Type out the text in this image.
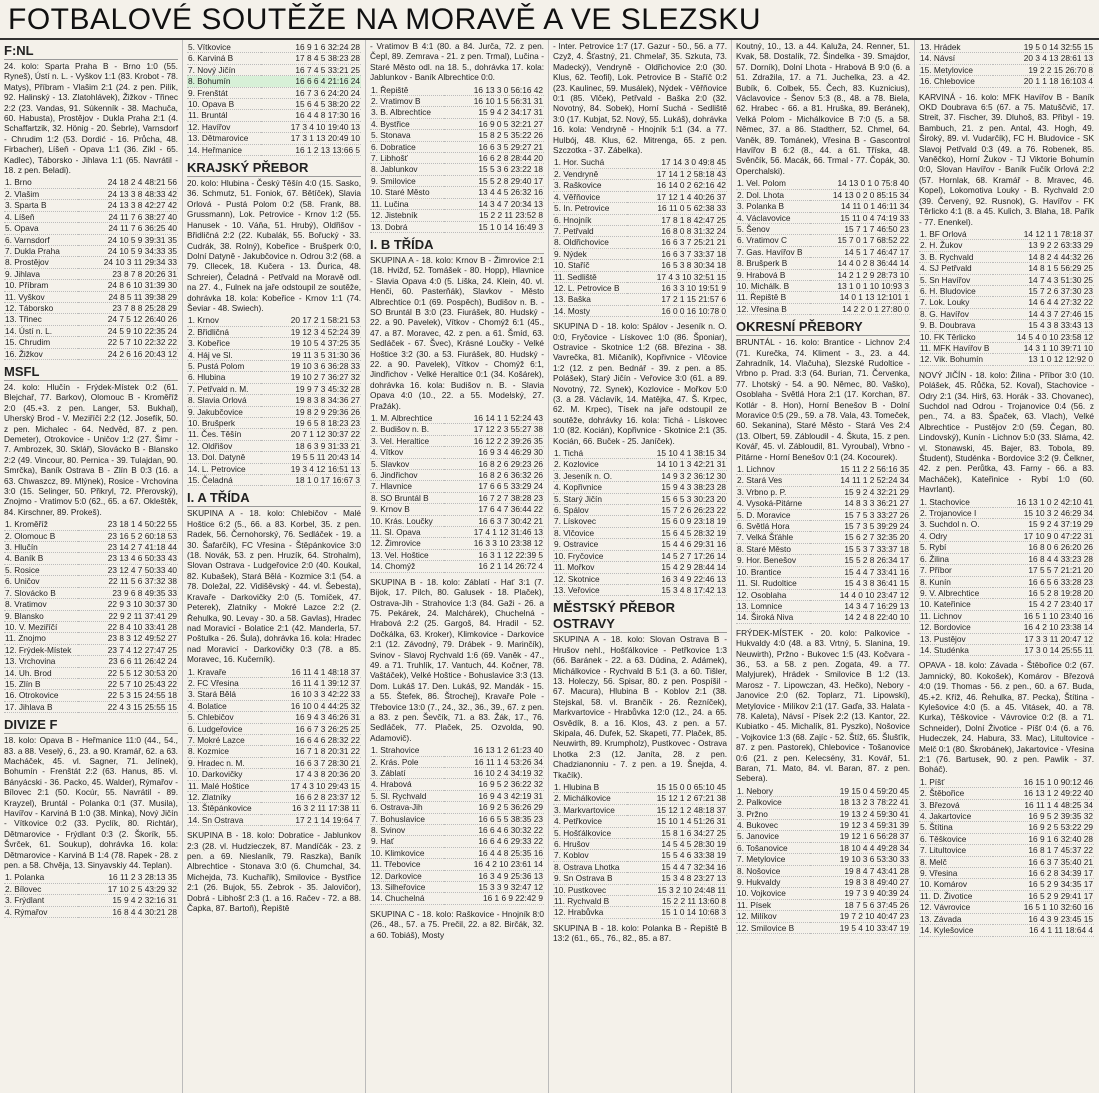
FOTBALOVÉ SOUTĚŽE NA MORAVĚ A VE SLEZSKU
F:NL
24. kolo: Sparta Praha B - Brno 1:0 (55. Ryneš), Ústí n. L. - Vyškov 1:1 (83. Krobot - 78. Matys), Příbram - Vlašim 2:1 (24. z pen. Pilík, 92. Halinský - 13. Zlatohlávek), Žižkov - Třinec 2:2 (23. Vandas, 91. Súkenník - 38. Machuča, 60. Habusta), Prostějov - Dukla Praha 2:1 (4. Schaffartzik, 32. Hönig - 20. Šebrle), Varnsdorf - Chrudim 1:2 (53. Dordić - 16. Průcha, 48. Firbacher), Líšeň - Opava 1:1 (36. Zikl - 65. Kadlec), Táborsko - Jihlava 1:1 (65. Navrátil - 18. z pen. Beladi).
1. Brno	24 18 2 4 48:21 56
2. Vlašim	24 13 3 8 48:33 42
3. Sparta B	24 13 3 8 42:27 42
4. Líšeň	24 11 7 6 38:27 40
5. Opava	24 11 7 6 36:25 40
6. Varnsdorf	24 10 5 9 39:31 35
7. Dukla Praha	24 10 5 9 34:33 35
8. Prostějov	24 10 3 11 29:34 33
9. Jihlava	23 8 7 8 20:26 31
10. Příbram	24 8 6 10 31:39 30
11. Vyškov	24 8 5 11 39:38 29
12. Táborsko	23 7 8 8 25:28 29
13. Třinec	24 7 5 12 26:40 26
14. Ústí n. L.	24 5 9 10 22:35 24
15. Chrudim	22 5 7 10 22:32 22
16. Žižkov	24 2 6 16 20:43 12
MSFL
24. kolo: Hlučín - Frýdek-Místek 0:2 (61. Blejchař, 77. Barkov), Olomouc B - Kroměříž 2:0 (45.+3. z pen. Langer, 53. Bukhal), Uherský Brod - V. Meziříčí 2:2 (12. Josefík, 50. z pen. Michalec - 64. Nedvěd, 87. z pen. Demeter), Otrokovice - Uničov 1:2 (27. Šimr - 7. Ambrozek, 30. Sklář), Slovácko B - Blansko 2:2 (49. Vincour, 80. Pernica - 39. Tulajdan, 90. Smrčka), Baník Ostrava B - Zlín B 0:3 (16. a 63. Chwaszcz, 89. Mlýnek), Rosice - Vrchovina 3:0 (15. Selinger, 50. Přikryl, 72. Přerovský), Znojmo - Vratimov 5:0 (62., 65. a 67. Okleštěk, 84. Kirschner, 89. Prokeš).
1. Kroměříž	23 18 1 4 50:22 55
2. Olomouc B	23 16 5 2 60:18 53
3. Hlučín	23 14 2 7 41:18 44
4. Baník B	23 13 4 6 50:33 43
5. Rosice	23 12 4 7 50:33 40
6. Uničov	22 11 5 6 37:32 38
7. Slovácko B	23 9 6 8 49:35 33
8. Vratimov	22 9 3 10 30:37 30
9. Blansko	22 9 2 11 37:41 29
10. V. Meziříčí	22 8 4 10 33:41 28
11. Znojmo	23 8 3 12 49:52 27
12. Frýdek-Místek	23 7 4 12 27:47 25
13. Vrchovina	23 6 6 11 26:42 24
14. Uh. Brod	22 5 5 12 30:53 20
15. Zlín B	22 5 7 10 25:43 22
16. Otrokovice	22 5 3 15 24:55 18
17. Jihlava B	22 4 3 15 25:55 15
DIVIZE F
18. kolo: Opava B - Heřmanice 11:0 (44., 54., 83. a 88. Veselý, 6., 23. a 90. Kramář, 62. a 63. Macháček, 45. vl. Sagner, 71. Jelínek), Bohumín - Frenštát 2:2 (63. Hanus, 85. vl. Bányácski - 36. Packo, 45. Walder), Rýmařov - Bílovec 2:1 (50. Kocúr, 55. Navrátil - 89. Krayzel), Bruntál - Polanka 0:1 (37. Musila), Havířov - Karviná B 1:0 (38. Minka), Nový Jičín - Vítkovice 0:2 (33. Pyclík, 80. Richtár), Dětmarovice - Frýdlant 0:3 (2. Škorík, 55. Švrček, 61. Soukup), dohrávka 16. kola: Dětmarovice - Karviná B 1:4 (78. Rapek - 28. z pen. a 58. Chvěja, 13. Sinyavskiy 44. Teplan).
1. Polanka	16 11 2 3 28:13 35
2. Bílovec	17 10 2 5 43:29 32
3. Frýdlant	15 9 4 2 32:16 31
4. Rýmařov	16 8 4 4 30:21 28
5. Vítkovice	16 9 1 6 32:24 28
6. Karviná B	17 8 4 5 38:23 28
7. Nový Jičín	16 7 4 5 33:21 25
8. Bohumín	16 6 6 4 21:16 24
9. Frenštát	16 7 3 6 24:20 24
10. Opava B	15 6 4 5 38:20 22
11. Bruntál	16 4 4 8 17:30 16
12. Havířov	17 3 4 10 19:40 13
13. Dětmarovice	17 3 1 13 20:49 10
14. Heřmanice	16 1 2 13 13:66 5
KRAJSKÝ PŘEBOR
20. kolo: Hlubina - Český Těšín 4:0 (15. Sasko, 36. Schmutz, 51. Foniok, 67. Bětíček), Slavia Orlová - Pustá Polom 0:2 (58. Frank, 88. Grussmann), Lok. Petrovice - Krnov 1:2 (55. Hanusek - 10. Váňa, 51. Hrubý), Oldřišov - Břidličná 2:2 (22. Kubalák, 55. Bořucký - 33. Cudrák, 38. Rolný), Kobeřice - Brušperk 0:0, Dolní Datyně - Jakubčovice n. Odrou 3:2 (68. a 79. Cllecek, 18. Kučera - 13. Ďurica, 48. Schreier), Čeladná - Petřvald na Moravě odl. na 27. 4., Fulnek na jaře odstoupil ze soutěže, dohrávka 18. kola: Kobeřice - Krnov 1:1 (74. Ševiar - 48. Swiech).
1. Krnov	20 17 2 1 58:21 53
2. Břidličná	19 12 3 4 52:24 39
3. Kobeřice	19 10 5 4 37:25 35
4. Háj ve Sl.	19 11 3 5 31:30 36
5. Pustá Polom	19 10 3 6 36:28 33
6. Hlubina	19 10 2 7 36:27 32
7. Petřvald n. M.	19 9 7 3 45:32 28
8. Slavia Orlová	19 8 3 8 34:36 27
9. Jakubčovice	19 8 2 9 29:36 26
10. Brušperk	19 6 5 8 18:23 23
11. Čes. Těšín	20 7 1 12 30:37 22
12. Oldřišov	18 6 3 9 31:33 21
13. Dol. Datyně	19 5 5 11 20:43 14
14. L. Petrovice	19 3 4 12 16:51 13
15. Čeladná	18 1 0 17 16:67 3
I. A TŘÍDA
SKUPINA A - 18. kolo: Chlebičov - Malé Hoštice 6:2 (5., 66. a 83. Korbel, 35. z pen. Radek, 56. Černohorský, 76. Sedláček - 19. a 30. Šafarčík), FC Vřesina - Štěpánkovice 3:0 (18. Novák, 53. z pen. Hruzík, 64. Strohalm), Slovan Ostrava - Ludgeřovice 2:0 (40. Koukal, 82. Kubašek), Stará Bělá - Kozmice 3:1 (54. a 78. Doležal, 22. Vidišěvský - 44. vl. Šebesta), Kravaře - Darkovičky 2:0 (5. Tomíček, 47. Peterek), Zlatníky - Mokré Lazce 2:2 (2. Řehulka, 90. Levay - 30. a 58. Gavlas), Hradec nad Moravicí - Bolatice 2:1 (42. Manderla, 57. Poštulka - 26. Šula), dohrávka 16. kola: Hradec nad Moravicí - Darkovičky 0:3 (78. a 85. Moravec, 16. Kučerník).
1. Kravaře	16 11 4 1 48:18 37
2. FC Vřesina	16 11 4 1 39:12 37
3. Stará Bělá	16 10 3 3 42:22 33
4. Bolatice	16 10 0 4 44:25 32
5. Chlebičov	16 9 4 3 46:26 31
6. Ludgeřovice	16 6 7 3 26:25 25
7. Mokré Lazce	16 6 4 6 28:32 22
8. Kozmice	16 7 1 8 20:31 22
9. Hradec n. M.	16 6 3 7 28:30 21
10. Darkovičky	17 4 3 8 20:36 20
11. Malé Hoštice	17 4 3 10 29:43 15
12. Zlatníky	16 6 2 8 23:37 12
13. Štěpánkovice	16 3 2 11 17:38 11
14. Sn Ostrava	17 2 1 14 19:64 7
SKUPINA B - 18. kolo: Dobratice - Jablunkov 2:3 (28. vl. Hudzieczek, 87. Mandíčák - 23. z pen. a 69. Nieslaník, 79. Raszka), Baník Albrechtice - Stonava 3:0 (6. Chumchal, 34. Michejda, 73. Kuchařík), Smilovice - Bystřice 2:1 (26. Bujok, 55. Żebrok - 35. Jalovičor), Dobrá - Libhošť 2:3 (1. a 16. Račev - 72. a 88. Čapka, 87. Bartoň), Řepiště
- Vratimov B 4:1 (80. a 84. Jurča, 72. z pen. Čepl, 89. Zemrava - 21. z pen. Trmal), Lučina - Staré Město odl. na 18. 5., dohrávka 17. kola: Jablunkov - Baník Albrechtice 0:0.
1. Řepiště	16 13 3 0 56:16 42
2. Vratimov B	16 10 1 5 56:31 31
3. B. Albrechtice	15 9 4 2 34:17 31
4. Bystřice	16 9 0 5 32:21 27
5. Stonava	15 8 2 5 35:22 26
6. Dobratice	16 6 3 5 29:27 21
7. Libhošť	16 6 2 8 28:44 20
8. Jablunkov	15 5 3 6 23:22 18
9. Smilovice	15 5 2 8 29:40 17
10. Staré Město	13 4 4 5 26:32 16
11. Lučina	14 3 4 7 20:34 13
12. Jistebník	15 2 2 11 23:52 8
13. Dobrá	15 1 0 14 16:49 3
I. B TŘÍDA
SKUPINA A - 18. kolo: Krnov B - Žimrovice 2:1 (18. Hvižď, 52. Tomášek - 80. Hopp), Hlavnice - Slavia Opava 4:0 (5. Liška, 24. Klein, 40. vl. Henči, 60. Pasterňák), Slavkov - Město Albrechtice 0:1 (69. Pospěch), Budišov n. B. - SO Bruntál B 3:0 (23. Fiurášek, 80. Hudský - 22. a 90. Pavelek), Vítkov - Chomýž 6:1 (45., 47. a 87. Moravec, 42. z pen. a 61. Šmíd, 63. Sedláček - 67. Švec), Krásné Loučky - Velké Hoštice 3:2 (30. a 53. Fiurášek, 80. Hudský - 22. a 90. Pavelek), Vítkov - Chomýž 6:1, Jindřichov - Velké Heraltice 0:1 (34. Košárek), dohrávka 16. kola: Budišov n. B. - Slavia Opava 4:0 (10., 22. a 55. Modelský, 27. Pražák).
1. M. Albrechtice	16 14 1 1 52:24 43
2. Budišov n. B.	17 12 2 3 55:27 38
3. Vel. Heraltice	16 12 2 2 39:26 35
4. Vítkov	16 9 3 4 46:29 30
5. Slavkov	16 8 2 6 29:23 26
6. Jindřichov	16 8 2 6 36:32 26
7. Hlavnice	17 6 6 5 33:29 24
8. SO Bruntál B	16 7 2 7 38:28 23
9. Krnov B	17 6 4 7 36:44 22
10. Krás. Loučky	16 6 3 7 30:42 21
11. Sl. Opava	17 4 1 12 31:46 13
12. Žimrovice	16 3 3 10 23:38 12
13. Vel. Hoštice	16 3 1 12 22:39 5
14. Chomýž	16 2 1 14 26:72 4
SKUPINA B - 18. kolo: Záblatí - Hať 3:1 (7. Bijok, 17. Pilch, 80. Galusek - 18. Plaček), Ostrava-Jih - Strahovice 1:3 (84. Gaži - 26. a 75. Pekárek, 24. Malchárek), Chuchelná - Hrabová 2:2 (25. Gargoš, 84. Hradil - 52. Dočkálka, 63. Kroker), Klimkovice - Darkovice 2:1 (12. Závodný, 79. Drábek - 9. Marinčík), Svinov - Slavoj Rychvald 1:6 (69. Vaněk - 47., 49. a 71. Truhlík, 17. Vantuch, 44. Kočner, 78. Vaštáček), Velké Hoštice - Bohuslavice 3:3 (13. Dom. Lukáš 17. Den. Lukáš, 92. Mandák - 15. a 55. Štefek, 86. Štrochej), Kravaře Pole - Třebovice 13:0 (7., 24., 32., 36., 39., 67. z pen. a 83. z pen. Ševčík, 71. a 83. Žák, 17., 76. Sedláček, 77. Plaček, 25. Ozvolda, 90. Adamovič).
1. Strahovice	16 13 1 2 61:23 40
2. Krás. Pole	16 11 1 4 53:26 34
3. Záblatí	16 10 2 4 34:19 32
4. Hrabová	16 9 5 2 36:22 32
5. Sl. Rychvald	16 9 4 3 42:19 31
6. Ostrava-Jih	16 9 2 5 36:26 29
7. Bohuslavice	16 6 5 5 38:35 23
8. Svinov	16 6 4 6 30:32 22
9. Hať	16 6 4 6 29:33 22
10. Klimkovice	16 4 4 8 25:35 16
11. Třebovice	16 4 2 10 23:61 14
12. Darkovice	16 3 4 9 25:36 13
13. Silheřovice	15 3 3 9 32:47 12
14. Chuchelná	16 1 6 9 22:42 9
SKUPINA C - 18. kolo: Raškovice - Hnojník 8:0 (26., 48., 57. a 75. Prečil, 22. a 82. Birčák, 32. a 60. Tobiáš), Mosty
- Inter. Petrovice 1:7 (17. Gazur - 50., 56. a 77. Czyž, 4. Šťastný, 21. Chmelař, 35. Szkuta, 73. Madecký), Vendryně - Oldřichovice 2:0 (30. Klus, 62. Teofil), Lok. Petrovice B - Staříč 0:2 (23. Kaulinec, 59. Musálek), Nýdek - Věřňovice 0:1 (85. Vlček), Petřvald - Baška 2:0 (32. Novotný, 84. Sobek), Horní Suchá - Sedliště 3:0 (17. Kubjat, 52. Nový, 55. Lukáš), dohrávka 16. kola: Vendryně - Hnojník 5:1 (34. a 77. Hulbój, 48. Klus, 62. Mitrenga, 65. z pen. Szczotka - 37. Zábelka).
1. Hor. Suchá	17 14 3 0 49:8 45
2. Vendryně	17 14 1 2 58:18 43
3. Raškovice	16 14 0 2 62:16 42
4. Věřňovice	17 12 1 4 40:26 37
5. In. Petrovice	16 11 0 5 62:38 33
6. Hnojník	17 8 1 8 42:47 25
7. Petřvald	16 8 0 8 31:32 24
8. Oldřichovice	16 6 3 7 25:21 21
9. Nýdek	16 6 3 7 33:37 18
10. Staříč	16 5 3 8 30:34 18
11. Sedliště	17 4 3 10 32:51 15
12. L. Petrovice B	16 3 3 10 19:51 9
13. Baška	17 2 1 15 21:57 6
14. Mosty	16 0 0 16 10:78 0
SKUPINA D - 18. kolo: Spálov - Jeseník n. O. 0:0, Fryčovice - Lískovec 1:0 (86. Šponiar), Ostravice - Skotnice 1:2 (68. Březina - 38. Vavrečka, 81. Mičaník), Kopřivnice - Vlčovice 1:2 (12. z pen. Bednář - 39. z pen. a 85. Polášek), Starý Jičín - Veřovice 3:0 (61. a 89. Novotný, 72. Synek), Kozlovice - Mořkov 5:0 (3. a 28. Václavík, 14. Matějka, 47. Š. Krpec, 62. M. Krpec), Tísek na jaře odstoupil ze soutěže, dohrávky 16. kola: Tichá - Lískovec 1:0 (82. Kocián), Kopřivnice - Skotnice 2:1 (35. Kocián, 66. Buček - 25. Janíček).
1. Tichá	15 10 4 1 38:15 34
2. Kozlovice	14 10 1 3 42:21 31
3. Jeseník n. O.	14 9 3 2 36:12 30
4. Kopřivnice	15 9 4 3 38:23 28
5. Starý Jičín	15 6 5 3 30:23 20
6. Spálov	15 7 2 6 26:23 22
7. Lískovec	15 6 0 9 23:18 19
8. Vlčovice	15 6 4 5 28:32 19
9. Ostravice	15 4 4 6 29:31 16
10. Fryčovice	14 5 2 7 17:26 14
11. Mořkov	15 4 2 9 28:44 14
12. Skotnice	16 3 4 9 22:46 13
13. Veřovice	15 3 4 8 17:42 13
MĚSTSKÝ PŘEBOR OSTRAVY
SKUPINA A - 18. kolo: Slovan Ostrava B - Hrušov nehl., Hošťálkovice - Petřkovice 1:3 (66. Baránek - 22. a 63. Dúdina, 2. Adámek), Michálkovice - Rychvald B 5:1 (3. a 60. Tišler, 13. Holeczy, 56. Spisar, 80. z pen. Pospíšil - 67. Macura), Hlubina B - Koblov 2:1 (38. Stejskal, 58. vl. Brančík - 26. Řezníček), Markvartovice - Hrabůvka 12:0 (12., 24. a 65. Osvědík, 8. a 16. Klos, 43. z pen. a 57. Skipala, 46. Dufek, 52. Skapeti, 77. Plaček, 85. Neuwirth, 89. Krumpholz), Pustkovec - Ostrava Lhotka 2:3 (12. Janíta, 28. z pen. Chadzianonniu - 7. z pen. a 19. Šnejda, 4. Tkačík).
1. Hlubina B	15 15 0 0 65:10 45
2. Michálkovice	15 12 1 2 67:21 38
3. Markvartovice	15 12 1 2 48:18 37
4. Petřkovice	15 10 1 4 51:26 31
5. Hošťálkovice	15 8 1 6 34:27 25
6. Hrušov	14 5 4 5 28:30 19
7. Koblov	15 5 4 6 33:38 19
8. Ostrava Lhotka	15 4 4 7 32:34 16
9. Sn Ostrava B	15 3 4 8 23:27 13
10. Pustkovec	15 3 2 10 24:48 11
11. Rychvald B	15 2 2 11 13:60 8
12. Hrabůvka	15 1 0 14 10:68 3
SKUPINA B - 18. kolo: Polanka B - Řepiště B 13:2 (61., 65., 76., 82., 85. a 87.
Koutný, 10., 13. a 44. Kaluža, 24. Renner, 51. Kvak, 58. Dostalík, 72. Šindelka - 39. Smajdor, 57. Dorník), Dolní Lhota - Hrabová B 9:0 (6. a 51. Zdražila, 17. a 71. Juchelka, 23. a 42. Bubík, 6. Colbek, 55. Čech, 83. Kuznicius), Václavovice - Šenov 5:3 (8., 48. a 78. Biela, 62. Hrabec - 66. a 81. Hruška, 89. Beránek), Velká Polom - Michálkovice B 7:0 (5. a 58. Němec, 37. a 86. Stadtherr, 52. Chmel, 64. Vaněk, 89. Tománek), Vřesina B - Gascontrol Havířov B 6:2 (8., 44. a 61. Tříska, 48. Svěnčík, 56. Macák, 66. Trmal - 77. Čopák, 30. Operchalski).
1. Vel. Polom	14 13 0 1 0 75:8 40
2. Dol. Lhota	14 13 0 2 0 85:15 34
3. Polanka B	14 11 0 1 46:11 34
4. Václavovice	15 11 0 4 74:19 33
5. Šenov	15 7 1 7 46:50 23
6. Vratimov C	15 7 0 1 7 68:52 22
7. Gas. Havířov B	14 5 1 7 46:47 17
8. Brušperk B	14 4 0 2 8 36:44 14
9. Hrabová B	14 2 1 2 9 28:73 10
10. Michálk. B	13 1 0 1 10 10:93 3
11. Řepiště B	14 0 1 13 12:101 1
12. Vřesina B	14 2 2 0 1 27:80 0
OKRESNÍ PŘEBORY
BRUNTÁL - 16. kolo: Brantice - Lichnov 2:4 (71. Kurečka, 74. Kliment - 3., 23. a 44. Zahradník, 14. Vlačuha), Slezské Rudoltice - Vrbno p. Prad. 3:3 (64. Burian, 71. Červenka, 77. Lhotský - 54. a 90. Němec, 80. Vaško), Osoblaha - Světlá Hora 2:1 (17. Korchan, 87. Kotlár - 8. Hon), Horní Benešov B - Dolní Moravice 0:5 (29., 59. a 78. Vala, 43. Tomeček, 60. Sekanina), Staré Město - Stará Ves 2:4 (13. Olbert, 59. Zábloudil - 4. Škuta, 15. z pen. Kovář, 45. vl. Zábloudil, 81. Vyroubal), Vrbno - Pitárne - Horní Benešov 0:1 (24. Kocourek).
1. Lichnov	15 11 2 2 56:16 35
2. Stará Ves	14 11 1 2 52:24 34
3. Vrbno p. P.	15 9 2 4 32:21 29
4. Vysoká-Pitárne	14 8 3 3 36:21 27
5. D. Moravice	15 7 5 3 33:27 26
6. Světlá Hora	15 7 3 5 39:29 24
7. Velká Šťáhle	15 6 2 7 32:35 20
8. Staré Město	15 5 3 7 33:37 18
9. Hor. Benešov	15 5 2 8 26:34 17
10. Brantice	15 4 4 7 33:41 16
11. Sl. Rudoltice	15 4 3 8 36:41 15
12. Osoblaha	14 4 0 10 23:47 12
13. Lomnice	14 3 4 7 16:29 13
14. Široká Niva	14 2 4 8 22:40 10
FRÝDEK-MÍSTEK - 20. kolo: Palkovice - Hukvaldy 4:0 (48. a 83. Vrtný, 5. Slanina, 19. Neuwirth), Pržno - Bukovec 1:5 (43. Kočvara - 36., 53. a 58. z pen. Zogata, 49. a 77. Malyjurek), Hrádek - Smilovice B 1:2 (13. Marosz - 7. Lipowczan, 43. Hečko), Nebory - Janovice 2:0 (62. Toplarz, 71. Lipowski), Metylovice - Milíkov 2:1 (17. Gaďa, 33. Halata - 78. Kaleta), Návsí - Písek 2:2 (13. Kantor, 22. Kubiatko - 45. Michalík, 81. Pyszko), Nošovice - Vojkovice 1:3 (68. Zajíc - 52. Štíž, 65. Šlušťík, 87. z pen. Pastorek), Chlebovice - Tošanovice 0:6 (21. z pen. Kelecsény, 31. Kovář, 51. Baran, 71. Mato, 84. vl. Baran, 87. z pen. Sebera).
1. Nebory	19 15 0 4 59:20 45
2. Palkovice	18 13 2 3 78:22 41
3. Pržno	19 13 2 4 59:30 41
4. Bukovec	19 12 3 4 59:31 39
5. Janovice	19 12 1 6 56:28 37
6. Tošanovice	18 10 4 4 49:28 34
7. Metylovice	19 10 3 6 53:30 33
8. Nošovice	19 8 4 7 43:41 28
9. Hukvaldy	19 8 3 8 49:40 27
10. Vojkovice	19 7 3 9 40:39 24
11. Písek	18 7 5 6 37:45 26
12. Milíkov	19 7 2 10 40:47 23
12. Smilovice B	19 5 4 10 33:47 19
13. Hrádek	19 5 0 14 32:55 15
14. Návsí	20 3 4 13 28:61 13
15. Metylovice	19 2 2 15 26:70 8
16. Chlebovice	20 1 1 18 16:103 4
KARVINÁ - 16. kolo: MFK Havířov B - Baník OKD Doubrava 6:5 (67. a 75. Matuščvič, 17. Streit, 37. Fischer, 39. Dluhoš, 83. Přibyl - 19. Bambuch, 21. z pen. Antal, 43. Hogh, 49. Široký, 89. vl. Vudarčík), FC H. Bludovice - SK Slavoj Petřvald 0:3 (49. a 76. Robenek, 85. Vaněčko), Horní Žukov - TJ Viktorie Bohumín 0:0, Slovan Havířov - Baník Fučík Orlová 2:2 (57. Hornlak, 68. Kramář - 8. Mravec, 46. Kopel), Lokomotiva Louky - B. Rychvald 2:0 (39. Červený, 92. Rusnok), G. Havířov - FK Těrlicko 4:1 (8. a 45. Kulich, 3. Blaha, 18. Pařík - 77. Enenkel).
1. BF Orlová	14 12 1 1 78:18 37
2. H. Žukov	13 9 2 2 63:33 29
3. B. Rychvald	14 8 2 4 44:32 26
4. SJ Petřvald	14 8 1 5 56:29 25
5. Sn Havířov	14 7 4 3 51:30 25
6. H. Bludovice	15 7 2 6 37:30 23
7. Lok. Louky	14 6 4 4 27:32 22
8. G. Havířov	14 4 3 7 27:46 15
9. B. Doubrava	15 4 3 8 33:43 13
10. FK Těrlicko	14 5 4 0 10 23:58 12
11. MFK Havířov B	14 3 1 10 39:71 10
12. Vik. Bohumín	13 1 0 12 12:92 0
NOVÝ JIČÍN - 18. kolo: Žilina - Příbor 3:0 (10. Polášek, 45. Růčka, 52. Koval), Stachovice - Odry 2:1 (34. Hirš, 63. Horák - 33. Chovanec), Suchdol nad Odrou - Trojanovice 0:4 (56. z pen., 74. a 83. Špaček, 63. Vlach), Velké Albrechtice - Pustějov 2:0 (59. Čegan, 80. Lindovský), Kunín - Lichnov 5:0 (33. Sláma, 42. vl. Stonawski, 45. Bajer, 83. Tobola, 89. Študent), Studénka - Bordovice 3:2 (9. Čelkner, 42. z pen. Perůtka, 43. Farny - 66. a 83. Macháček), Kateřinice - Rybí 1:0 (60. Havrlant).
1. Stachovice	16 13 1 0 2 42:10 41
2. Trojanovice I	15 10 3 2 46:29 34
3. Suchdol n. O.	15 9 2 4 37:19 29
4. Odry	17 10 9 0 47:22 31
5. Rybí	16 8 0 6 26:20 26
6. Žilina	16 8 4 4 33:23 28
7. Příbor	17 5 5 7 21:21 20
8. Kunín	16 6 5 6 33:28 23
9. V. Albrechtice	16 5 2 8 19:28 20
10. Kateřinice	15 4 2 7 23:40 17
11. Lichnov	16 5 1 10 23:40 16
12. Bordovice	16 4 2 10 23:38 14
13. Pustějov	17 3 3 11 20:47 12
14. Studénka	17 3 0 14 25:55 11
OPAVA - 18. kolo: Závada - Štěbořice 0:2 (67. Jamnický, 80. Kokošek), Komárov - Březová 4:0 (19. Thomas - 56. z pen., 60. a 67. Buda, 45.+2. Kříž, 46. Řehulka, 87. Pecka), Štítina - Kylešovice 4:0 (5. a 45. Vitásek, 40. a 78. Kurka), Těškovice - Vávrovice 0:2 (8. a 71. Schneider), Dolní Životice - Píšť 0:4 (6. a 76. Hudeczek, 24. Habura, 33. Mac), Litultovice - Melč 0:1 (80. Škrobánek), Jakartovice - Vřesina 2:1 (76. Bartusek, 90. z pen. Pawlik - 37. Boháč).
1. Píšť	16 15 1 0 90:12 46
2. Štěbořice	16 13 1 2 49:22 40
3. Březová	16 11 1 4 48:25 34
4. Jakartovice	16 9 5 2 39:35 32
5. Štítina	16 9 2 5 53:22 29
6. Těškovice	16 9 1 6 32:40 28
7. Litultovice	16 8 1 7 45:37 22
8. Melč	16 6 3 7 35:40 21
9. Vřesina	16 6 2 8 34:39 17
10. Komárov	16 5 2 9 34:35 17
11. D. Životice	16 5 2 9 29:41 17
12. Vávrovice	16 5 1 10 32:60 16
13. Závada	16 4 3 9 23:45 15
14. Kylešovice	16 4 1 11 18:64 4
